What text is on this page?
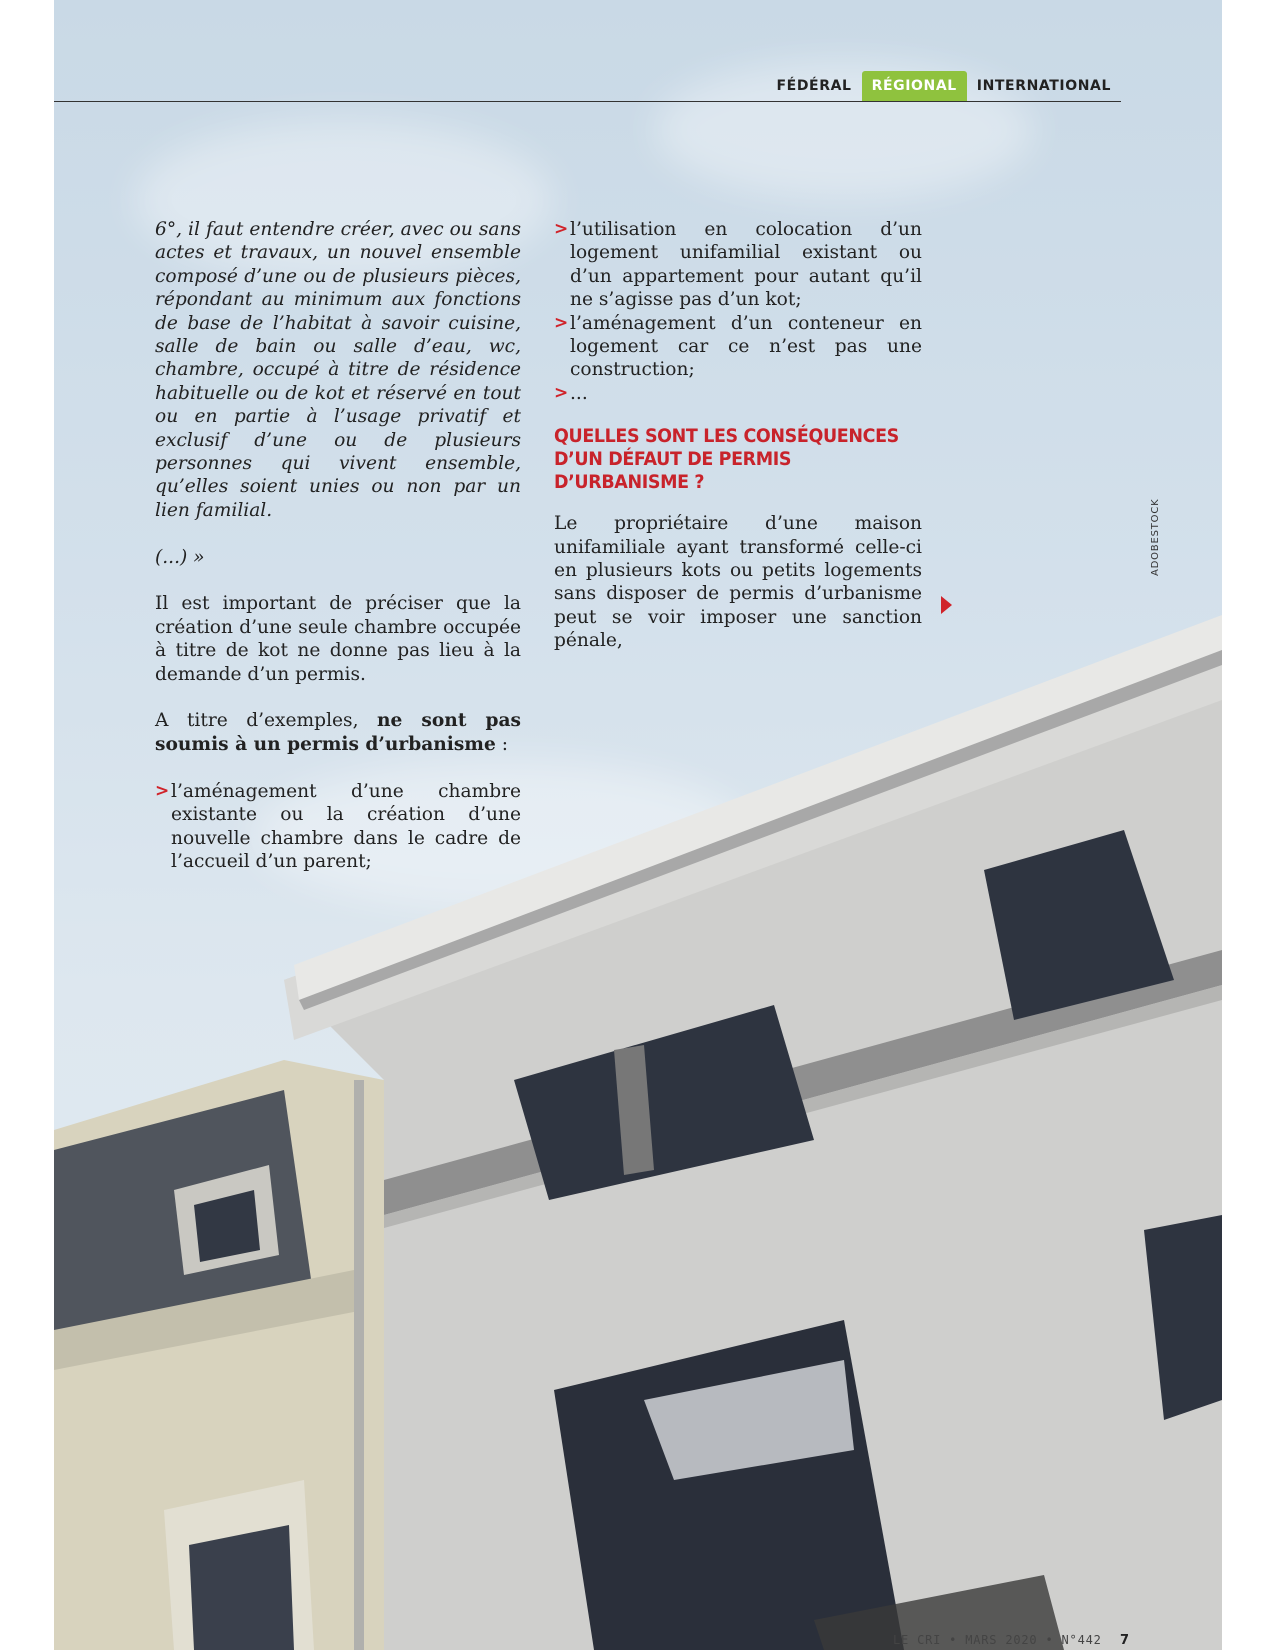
FÉDÉRAL	RÉGIONAL	INTERNATIONAL

6°, il faut entendre créer, avec ou sans actes et travaux, un nouvel ensemble composé d’une ou de plusieurs pièces, répondant au minimum aux fonctions de base de l’habitat à savoir cuisine, salle de bain ou salle d’eau, wc, chambre, occupé à titre de résidence habituelle ou de kot et réservé en tout ou en partie à l’usage privatif et exclusif d’une ou de plusieurs personnes qui vivent ensemble, qu’elles soient unies ou non par un lien familial.

(...) »

Il est important de préciser que la création d’une seule chambre occupée à titre de kot ne donne pas lieu à la demande d’un permis.

A titre d’exemples, ne sont pas soumis à un permis d’urbanisme :

> l’aménagement d’une chambre existante ou la création d’une nouvelle chambre dans le cadre de l’accueil d’un parent;
> l’utilisation en colocation d’un logement unifamilial existant ou d’un appartement pour autant qu’il ne s’agisse pas d’un kot;
> l’aménagement d’un conteneur en logement car ce n’est pas une construction;
> ...
QUELLES SONT LES CONSÉQUENCES D’UN DÉFAUT DE PERMIS D’URBANISME ?

Le propriétaire d’une maison unifamiliale ayant transformé celle-ci en plusieurs kots ou petits logements sans disposer de permis d’urbanisme peut se voir imposer une sanction pénale,

ADOBESTOCK
LE CRI • MARS 2020 • N°442 7
